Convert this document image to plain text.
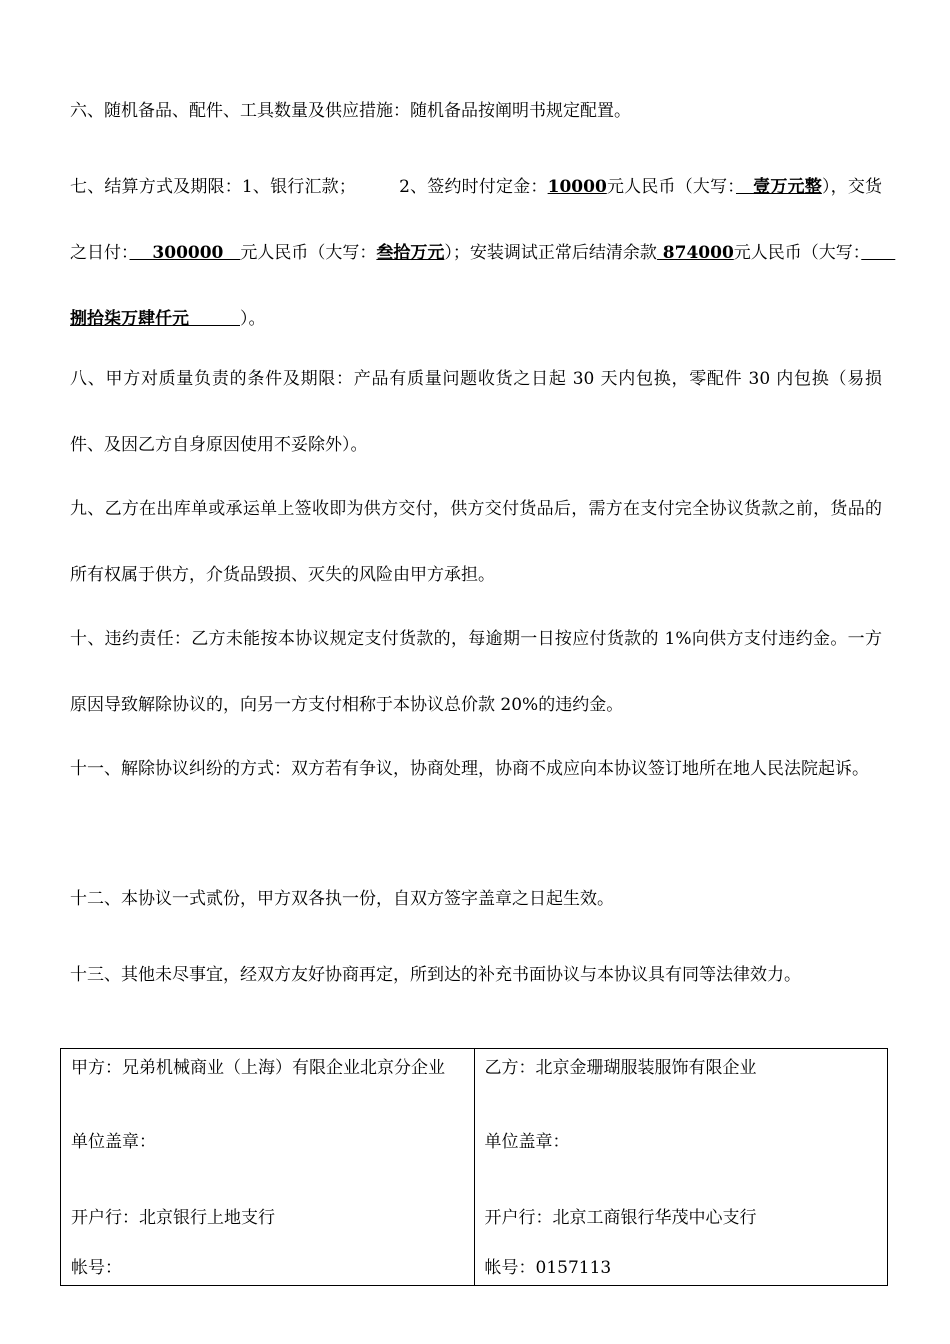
六、随机备品、配件、工具数量及供应措施：随机备品按阐明书规定配置。
七、结算方式及期限：1、银行汇款；　　　2、签约时付定金：10000元人民币（大写：　壹万元整），交货之日付：　 300000　元人民币（大写：叁拾万元）；安装调试正常后结清余款 874000元人民币（大写：　　 捌拾柒万肆仟元　　　）。
八、甲方对质量负责的条件及期限：产品有质量问题收货之日起 30 天内包换，零配件 30 内包换（易损件、及因乙方自身原因使用不妥除外）。
九、乙方在出库单或承运单上签收即为供方交付，供方交付货品后，需方在支付完全协议货款之前，货品的所有权属于供方，介货品毁损、灭失的风险由甲方承担。
十、违约责任：乙方未能按本协议规定支付货款的，每逾期一日按应付货款的 1%向供方支付违约金。一方原因导致解除协议的，向另一方支付相称于本协议总价款 20%的违约金。
十一、解除协议纠纷的方式：双方若有争议，协商处理，协商不成应向本协议签订地所在地人民法院起诉。
十二、本协议一式贰份，甲方双各执一份，自双方签字盖章之日起生效。
十三、其他未尽事宜，经双方友好协商再定，所到达的补充书面协议与本协议具有同等法律效力。
甲方：兄弟机械商业（上海）有限企业北京分企业
单位盖章：
开户行：北京银行上地支行
帐号：
乙方：北京金珊瑚服装服饰有限企业
单位盖章：
开户行：北京工商银行华茂中心支行
帐号：0157113
